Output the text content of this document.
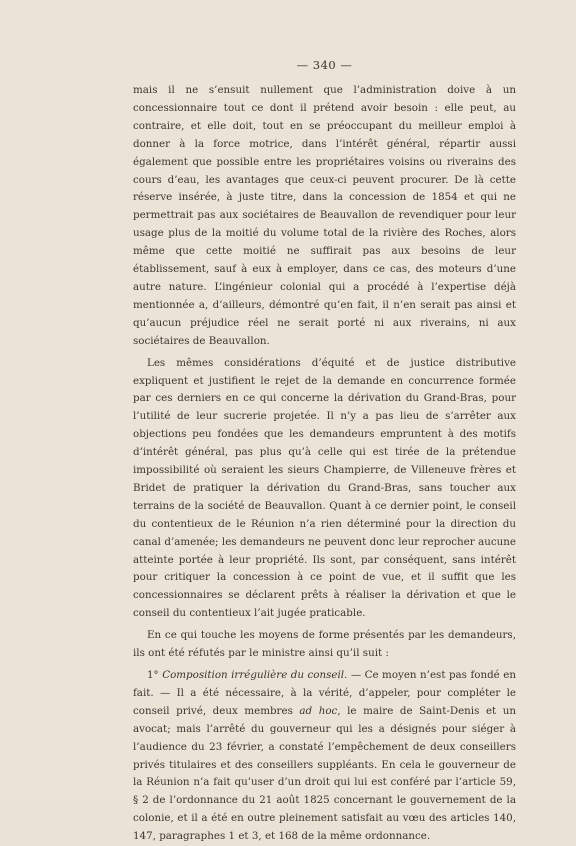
— 340 —

mais il ne s’ensuit nullement que l’administration doive à un concessionnaire tout ce dont il prétend avoir besoin : elle peut, au contraire, et elle doit, tout en se préoccupant du meilleur emploi à donner à la force motrice, dans l’intérêt général, répartir aussi également que possible entre les propriétaires voisins ou riverains des cours d’eau, les avantages que ceux-ci peuvent procurer. De là cette réserve insérée, à juste titre, dans la concession de 1854 et qui ne permettrait pas aux sociétaires de Beauvallon de revendiquer pour leur usage plus de la moitié du volume total de la rivière des Roches, alors même que cette moitié ne suffirait pas aux besoins de leur établissement, sauf à eux à employer, dans ce cas, des moteurs d’une autre nature. L’ingénieur colonial qui a procédé à l’expertise déjà mentionnée a, d’ailleurs, démontré qu’en fait, il n’en serait pas ainsi et qu’aucun préjudice réel ne serait porté ni aux riverains, ni aux sociétaires de Beauvallon.

Les mêmes considérations d’équité et de justice distributive expliquent et justifient le rejet de la demande en concurrence formée par ces derniers en ce qui concerne la dérivation du Grand-Bras, pour l’utilité de leur sucrerie projetée. Il n’y a pas lieu de s’arrêter aux objections peu fondées que les demandeurs empruntent à des motifs d’intérêt général, pas plus qu’à celle qui est tirée de la prétendue impossibilité où seraient les sieurs Champierre, de Villeneuve frères et Bridet de pratiquer la dérivation du Grand-Bras, sans toucher aux terrains de la société de Beauvallon. Quant à ce dernier point, le conseil du contentieux de le Réunion n’a rien déterminé pour la direction du canal d’amenée; les demandeurs ne peuvent donc leur reprocher aucune atteinte portée à leur propriété. Ils sont, par conséquent, sans intérêt pour critiquer la concession à ce point de vue, et il suffit que les concessionnaires se déclarent prêts à réaliser la dérivation et que le conseil du contentieux l’ait jugée praticable.

En ce qui touche les moyens de forme présentés par les demandeurs, ils ont été réfutés par le ministre ainsi qu’il suit :

1° Composition irrégulière du conseil. — Ce moyen n’est pas fondé en fait. — Il a été nécessaire, à la vérité, d’appeler, pour compléter le conseil privé, deux membres ad hoc, le maire de Saint-Denis et un avocat; mais l’arrêté du gouverneur qui les a désignés pour siéger à l’audience du 23 février, a constaté l’empêchement de deux conseillers privés titulaires et des conseillers suppléants. En cela le gouverneur de la Réunion n’a fait qu’user d’un droit qui lui est conféré par l’article 59, § 2 de l’ordonnance du 21 août 1825 concernant le gouvernement de la colonie, et il a été en outre pleinement satisfait au vœu des articles 140, 147, paragraphes 1 et 3, et 168 de la même ordonnance.
